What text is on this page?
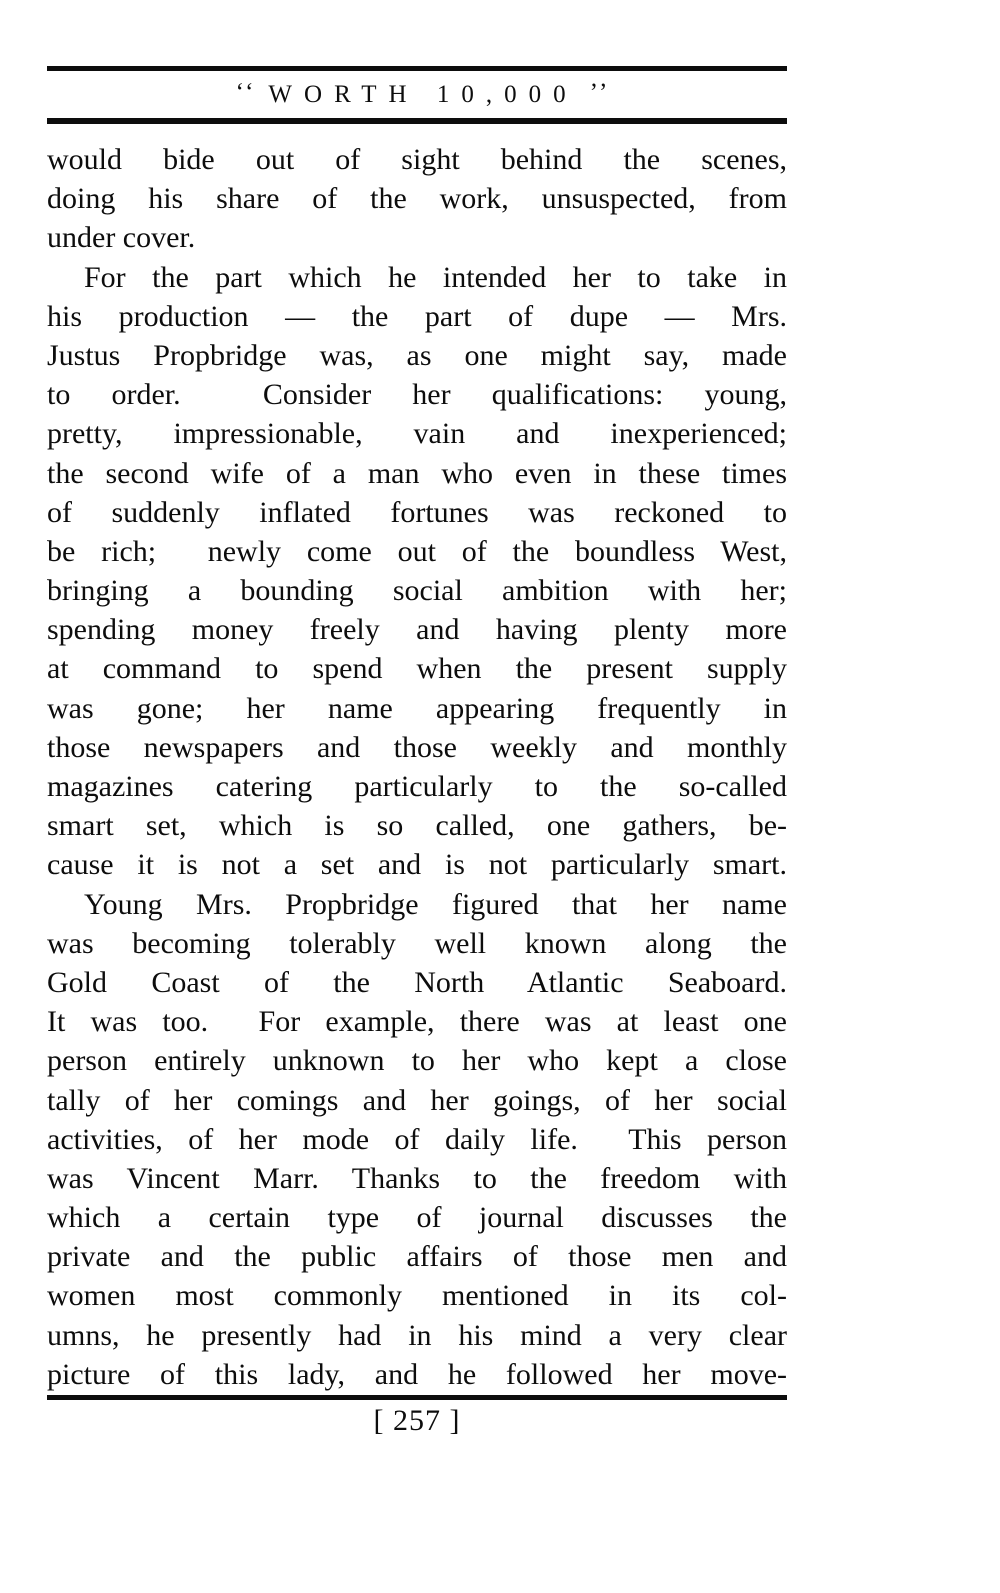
‘‘ WORTH 10,000 ’’
would bide out of sight behind the scenes,
doing his share of the work, unsuspected, from
under cover.
For the part which he intended her to take in
his production — the part of dupe — Mrs.
Justus Propbridge was, as one might say, made
to order.  Consider her qualifications: young,
pretty, impressionable, vain and inexperienced;
the second wife of a man who even in these times
of suddenly inflated fortunes was reckoned to
be rich;  newly come out of the boundless West,
bringing a bounding social ambition with her;
spending money freely and having plenty more
at command to spend when the present supply
was gone; her name appearing frequently in
those newspapers and those weekly and monthly
magazines catering particularly to the so-called
smart set, which is so called, one gathers, be-
cause it is not a set and is not particularly smart.
Young Mrs. Propbridge figured that her name
was becoming tolerably well known along the
Gold Coast of the North Atlantic Seaboard.
It was too.  For example, there was at least one
person entirely unknown to her who kept a close
tally of her comings and her goings, of her social
activities, of her mode of daily life.  This person
was Vincent Marr. Thanks to the freedom with
which a certain type of journal discusses the
private and the public affairs of those men and
women most commonly mentioned in its col-
umns, he presently had in his mind a very clear
picture of this lady, and he followed her move-
[ 257 ]
